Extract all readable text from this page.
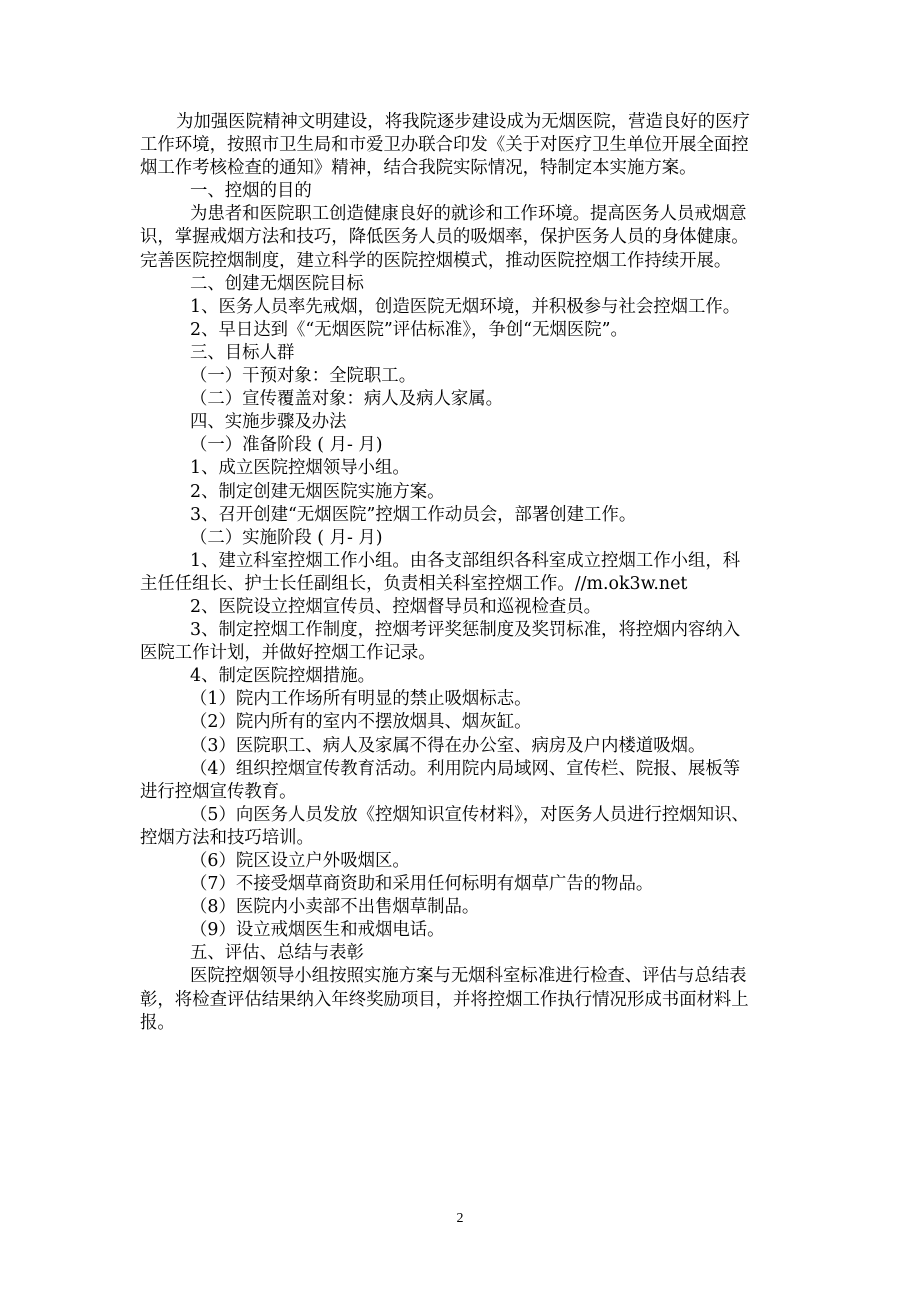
为加强医院精神文明建设，将我院逐步建设成为无烟医院，营造良好的医疗

工作环境，按照市卫生局和市爱卫办联合印发《关于对医疗卫生单位开展全面控

烟工作考核检查的通知》精神，结合我院实际情况，特制定本实施方案。

一、控烟的目的

为患者和医院职工创造健康良好的就诊和工作环境。提高医务人员戒烟意

识，掌握戒烟方法和技巧，降低医务人员的吸烟率，保护医务人员的身体健康。

完善医院控烟制度，建立科学的医院控烟模式，推动医院控烟工作持续开展。

二、创建无烟医院目标

1、医务人员率先戒烟，创造医院无烟环境，并积极参与社会控烟工作。

2、早日达到《“无烟医院”评估标准》，争创“无烟医院”。

三、目标人群

（一）干预对象：全院职工。

（二）宣传覆盖对象：病人及病人家属。

四、实施步骤及办法

（一）准备阶段 ( 月- 月)

1、成立医院控烟领导小组。

2、制定创建无烟医院实施方案。

3、召开创建“无烟医院”控烟工作动员会，部署创建工作。

（二）实施阶段 ( 月- 月)

1、建立科室控烟工作小组。由各支部组织各科室成立控烟工作小组，科

主任任组长、护士长任副组长，负责相关科室控烟工作。//m.ok3w.net

2、医院设立控烟宣传员、控烟督导员和巡视检查员。

3、制定控烟工作制度，控烟考评奖惩制度及奖罚标准，将控烟内容纳入

医院工作计划，并做好控烟工作记录。

4、制定医院控烟措施。

（1）院内工作场所有明显的禁止吸烟标志。

（2）院内所有的室内不摆放烟具、烟灰缸。

（3）医院职工、病人及家属不得在办公室、病房及户内楼道吸烟。

（4）组织控烟宣传教育活动。利用院内局域网、宣传栏、院报、展板等

进行控烟宣传教育。

（5）向医务人员发放《控烟知识宣传材料》，对医务人员进行控烟知识、

控烟方法和技巧培训。

（6）院区设立户外吸烟区。

（7）不接受烟草商资助和采用任何标明有烟草广告的物品。

（8）医院内小卖部不出售烟草制品。

（9）设立戒烟医生和戒烟电话。

五、评估、总结与表彰

医院控烟领导小组按照实施方案与无烟科室标准进行检查、评估与总结表

彰，将检查评估结果纳入年终奖励项目，并将控烟工作执行情况形成书面材料上

报。

2
